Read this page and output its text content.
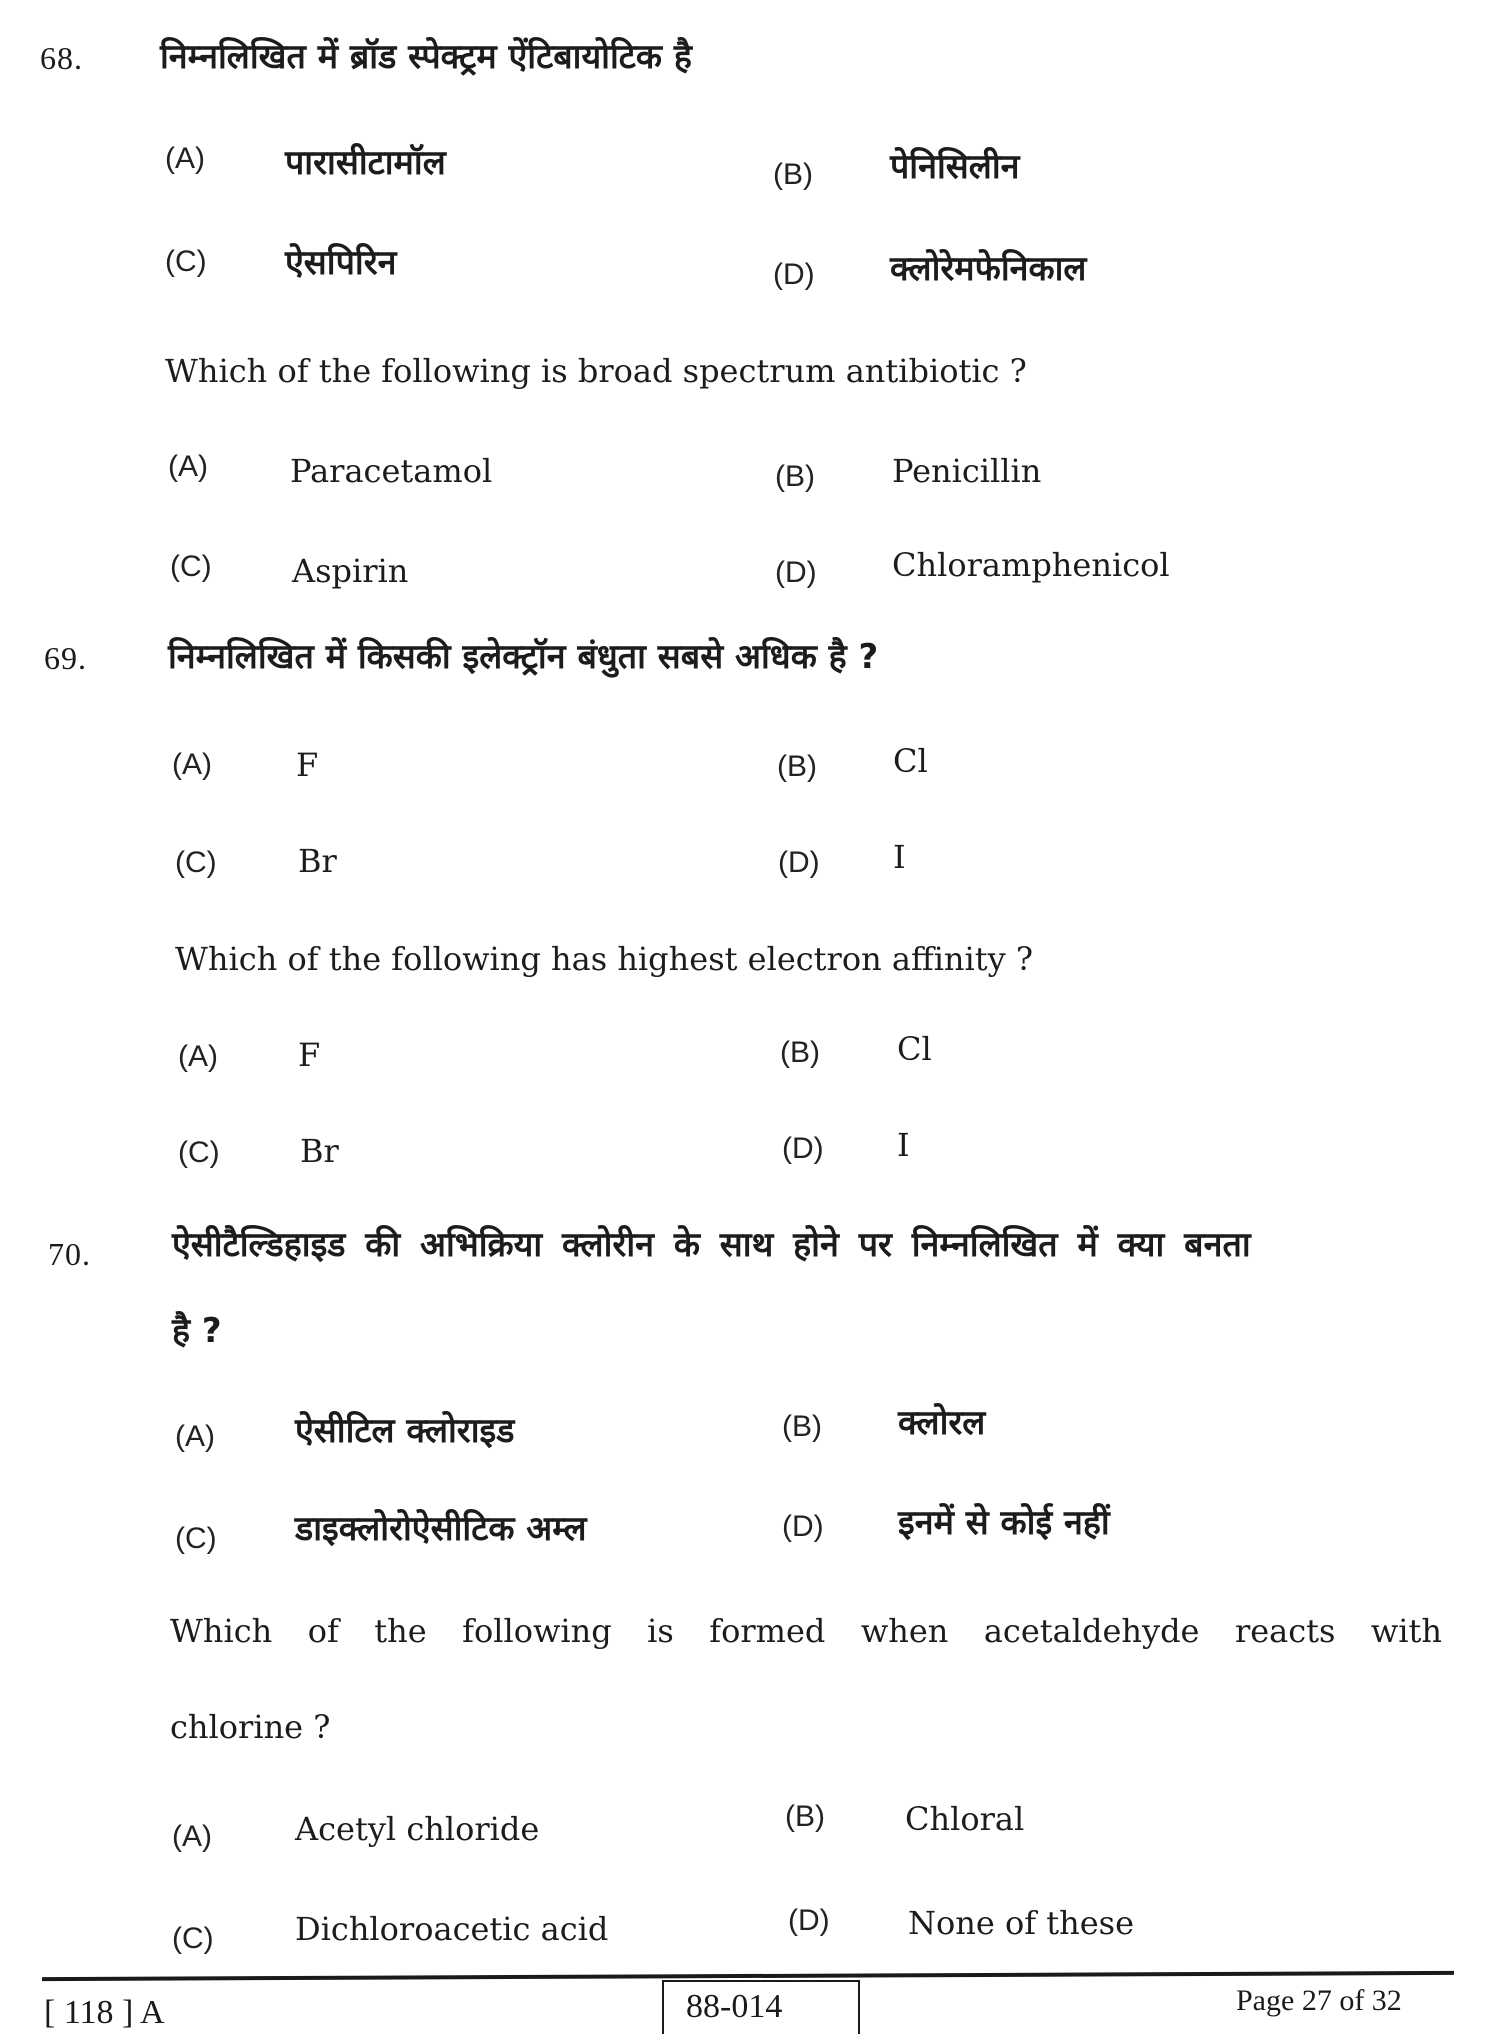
68. निम्नलिखित में ब्रॉड स्पेक्ट्रम ऐंटिबायोटिक है
(A) पारासीटामॉल	(B) पेनिसिलीन
(C) ऐसपिरिन	(D) क्लोरेमफेनिकाल
Which of the following is broad spectrum antibiotic ?
(A)	Paracetamol	(B) Penicillin
(C)	Aspirin	(D) Chloramphenicol
69. निम्नलिखित में किसकी इलेक्ट्रॉन बंधुता सबसे अधिक है ?
(A)	F	(B) Cl
(C)	Br	(D) I
Which of the following has highest electron affinity ?
(A)	F	(B) Cl
(C)	Br	(D) I
70. ऐसीटैल्डिहाइड की अभिक्रिया क्लोरीन के साथ होने पर निम्नलिखित में क्या बनता
है ?
(A) ऐसीटिल क्लोराइड	(B) क्लोरल
(C) डाइक्लोरोऐसीटिक अम्ल	(D) इनमें से कोई नहीं
Which of the following is formed when acetaldehyde reacts with
chlorine ?
(A)	Acetyl chloride	(B)	Chloral
(C)	Dichloroacetic acid	(D) None of these
[ 118 ] A	88-014	Page 27 of 32
